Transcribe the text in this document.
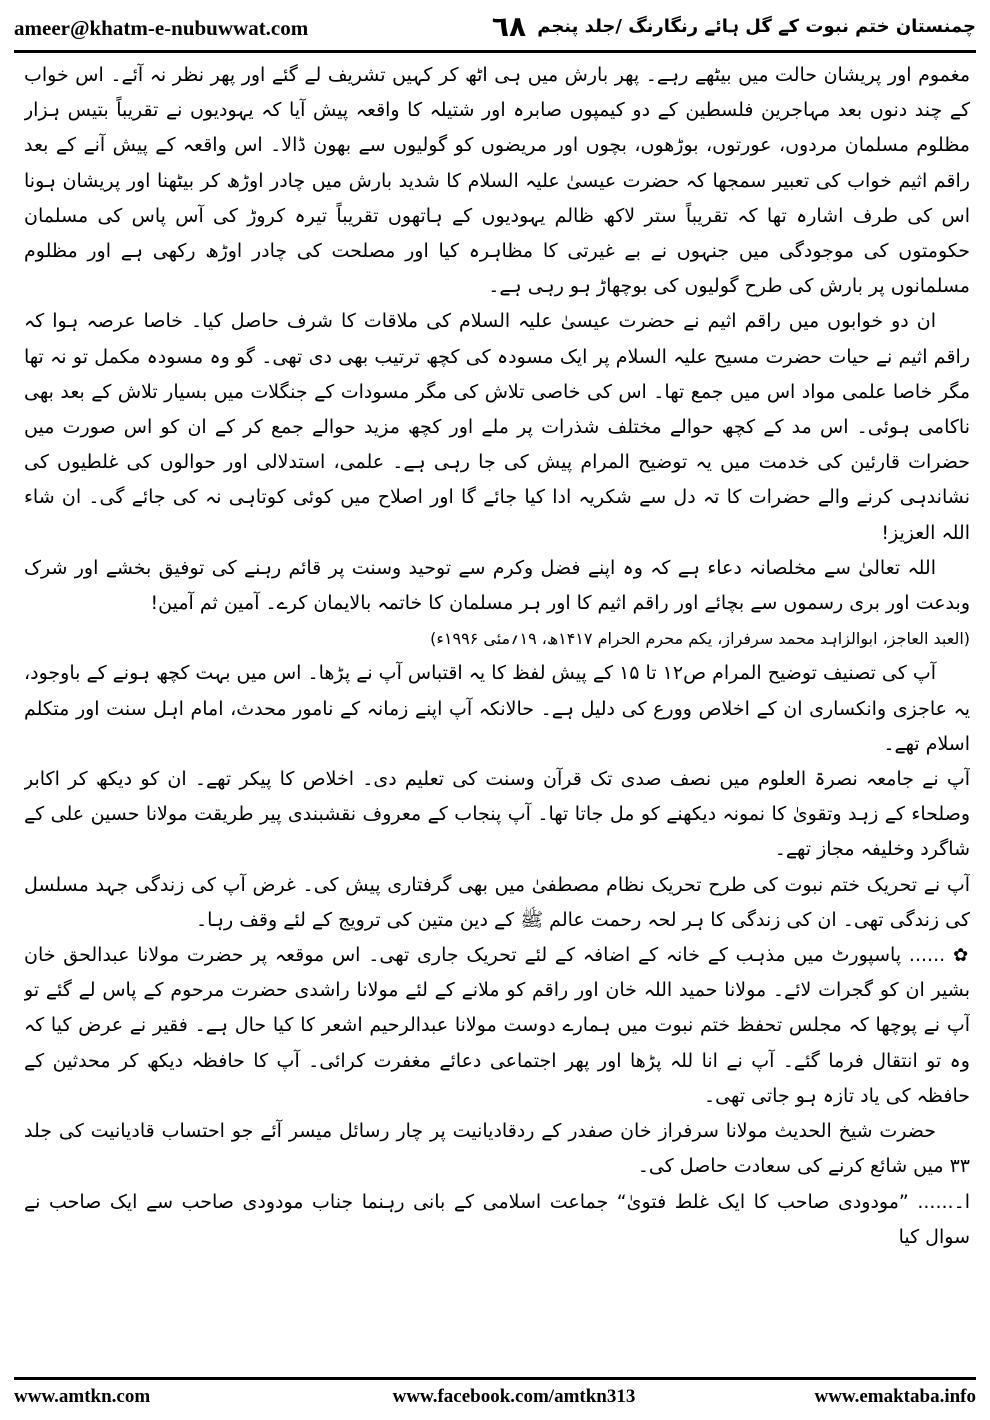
ameer@khatm-e-nubuwwat.com	٦٨ چمنستان ختم نبوت کے گل ہائے رنگارنگ /جلد پنجم

مغموم اور پریشان حالت میں بیٹھے رہے۔ پھر بارش میں ہی اٹھ کر کہیں تشریف لے گئے اور پھر نظر نہ آئے۔ اس خواب کے چند دنوں بعد مہاجرین فلسطین کے دو کیمپوں صابرہ اور شتیلہ کا واقعہ پیش آیا کہ یہودیوں نے تقریباً بتیس ہزار مظلوم مسلمان مردوں، عورتوں، بوڑھوں، بچوں اور مریضوں کو گولیوں سے بھون ڈالا۔ اس واقعہ کے پیش آنے کے بعد راقم اثیم خواب کی تعبیر سمجھا کہ حضرت عیسیٰ علیہ السلام کا شدید بارش میں چادر اوڑھ کر بیٹھنا اور پریشان ہونا اس کی طرف اشارہ تھا کہ تقریباً ستر لاکھ ظالم یہودیوں کے ہاتھوں تقریباً تیرہ کروڑ کی آس پاس کی مسلمان حکومتوں کی موجودگی میں جنہوں نے بے غیرتی کا مظاہرہ کیا اور مصلحت کی چادر اوڑھ رکھی ہے اور مظلوم مسلمانوں پر بارش کی طرح گولیوں کی بوچھاڑ ہو رہی ہے۔

ان دو خوابوں میں راقم اثیم نے حضرت عیسیٰ علیہ السلام کی ملاقات کا شرف حاصل کیا۔ خاصا عرصہ ہوا کہ راقم اثیم نے حیات حضرت مسیح علیہ السلام پر ایک مسودہ کی کچھ ترتیب بھی دی تھی۔ گو وہ مسودہ مکمل تو نہ تھا مگر خاصا علمی مواد اس میں جمع تھا۔ اس کی خاصی تلاش کی مگر مسودات کے جنگلات میں بسیار تلاش کے بعد بھی ناکامی ہوئی۔ اس مد کے کچھ حوالے مختلف شذرات پر ملے اور کچھ مزید حوالے جمع کر کے ان کو اس صورت میں حضرات قارئین کی خدمت میں یہ توضیح المرام پیش کی جا رہی ہے۔ علمی، استدلالی اور حوالوں کی غلطیوں کی نشاندہی کرنے والے حضرات کا تہ دل سے شکریہ ادا کیا جائے گا اور اصلاح میں کوئی کوتاہی نہ کی جائے گی۔ ان شاء اللہ العزیز!

اللہ تعالیٰ سے مخلصانہ دعاء ہے کہ وہ اپنے فضل وکرم سے توحید وسنت پر قائم رہنے کی توفیق بخشے اور شرک وبدعت اور بری رسموں سے بچائے اور راقم اثیم کا اور ہر مسلمان کا خاتمہ بالایمان کرے۔ آمین ثم آمین!

(العبد العاجز، ابوالزاہد محمد سرفراز، یکم محرم الحرام ۱۴۱۷ھ، ۱۹؍مئی ۱۹۹۶ء)

آپ کی تصنیف توضیح المرام ص۱۲ تا ۱۵ کے پیش لفظ کا یہ اقتباس آپ نے پڑھا۔ اس میں بہت کچھ ہونے کے باوجود، یہ عاجزی وانکساری ان کے اخلاص وورع کی دلیل ہے۔ حالانکہ آپ اپنے زمانہ کے نامور محدث، امام اہل سنت اور متکلم اسلام تھے۔

آپ نے جامعہ نصرۃ العلوم میں نصف صدی تک قرآن وسنت کی تعلیم دی۔ اخلاص کا پیکر تھے۔ ان کو دیکھ کر اکابر وصلحاء کے زہد وتقویٰ کا نمونہ دیکھنے کو مل جاتا تھا۔ آپ پنجاب کے معروف نقشبندی پیر طریقت مولانا حسین علی کے شاگرد وخلیفہ مجاز تھے۔

آپ نے تحریک ختم نبوت کی طرح تحریک نظام مصطفیٰ میں بھی گرفتاری پیش کی۔ غرض آپ کی زندگی جہد مسلسل کی زندگی تھی۔ ان کی زندگی کا ہر لحہ رحمت عالم ﷺ کے دین متین کی ترویج کے لئے وقف رہا۔

✿...... پاسپورٹ میں مذہب کے خانہ کے اضافہ کے لئے تحریک جاری تھی۔ اس موقعہ پر حضرت مولانا عبدالحق خان بشیر ان کو گجرات لائے۔ مولانا حمید اللہ خان اور راقم کو ملانے کے لئے مولانا راشدی حضرت مرحوم کے پاس لے گئے تو آپ نے پوچھا کہ مجلس تحفظ ختم نبوت میں ہمارے دوست مولانا عبدالرحیم اشعر کا کیا حال ہے۔ فقیر نے عرض کیا کہ وہ تو انتقال فرما گئے۔ آپ نے انا للہ پڑھا اور پھر اجتماعی دعائے مغفرت کرائی۔ آپ کا حافظہ دیکھ کر محدثین کے حافظہ کی یاد تازہ ہو جاتی تھی۔

حضرت شیخ الحدیث مولانا سرفراز خان صفدر کے ردقادیانیت پر چار رسائل میسر آئے جو احتساب قادیانیت کی جلد ۳۳ میں شائع کرنے کی سعادت حاصل کی۔

ا۔...... ”مودودی صاحب کا ایک غلط فتویٰ“ جماعت اسلامی کے بانی رہنما جناب مودودی صاحب سے ایک صاحب نے سوال کیا

www.amtkn.com	www.facebook.com/amtkn313	www.emaktaba.info
